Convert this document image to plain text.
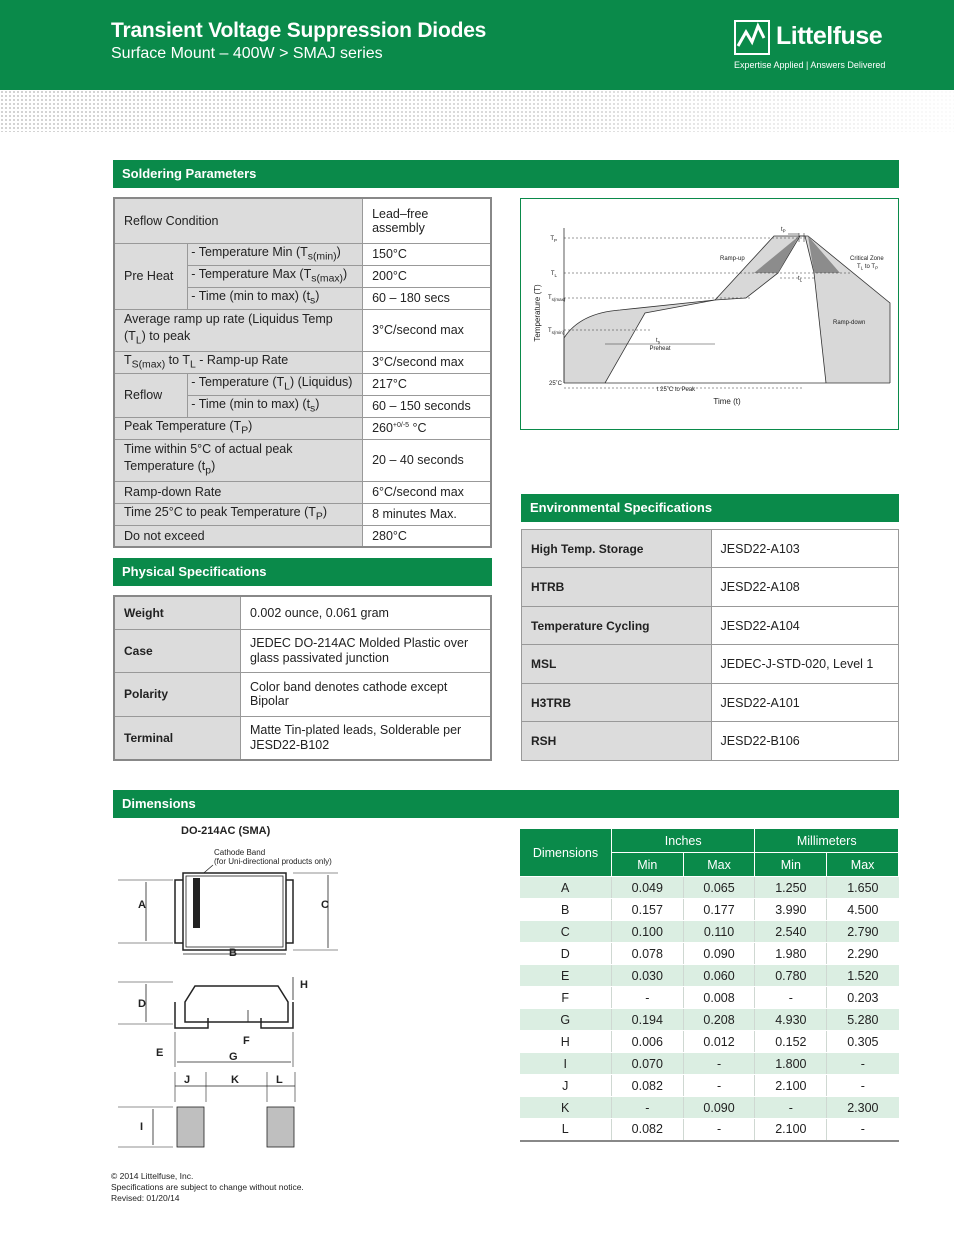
Transient Voltage Suppression Diodes
Surface Mount – 400W > SMAJ series
Littelfuse
Expertise Applied | Answers Delivered
Soldering Parameters
Reflow Condition		Lead–free assembly
Pre Heat	- Temperature Min $(T_{s(min)})$	150°C
	- Temperature Max $(T_{s(max)})$	200°C
	- Time (min to max) $(t_s)$	60 – 180 secs
Average ramp up rate (Liquidus Temp $(T_L)$ to peak		3°C/second max
$T_{S(max)}$ to $T_L$ - Ramp-up Rate		3°C/second max
Reflow	- Temperature $(T_L)$ (Liquidus)	217°C
	- Time (min to max) $(t_s)$	60 – 150 seconds
Peak Temperature $(T_P)$		$260^{+0/-5}$ °C
Time within 5°C of actual peak Temperature $(t_p)$		20 – 40 seconds
Ramp-down Rate		6°C/second max
Time 25°C to peak Temperature $(T_P)$		8 minutes Max.
Do not exceed		280°C
Temperature (T)
Time (t)
$T_P$
$T_L$
$T_{s(max)}$
$T_{s(min)}$
25˚C
Ramp-up
Ramp-down
Critical Zone
$T_L$ to $T_P$
$t_s$
Preheat
t 25˚C to Peak
$t_P$
$t_L$
Physical Specifications
Weight	0.002 ounce, 0.061 gram
Case	JEDEC DO-214AC Molded Plastic over glass passivated junction
Polarity	Color band denotes cathode except Bipolar
Terminal	Matte Tin-plated leads, Solderable per JESD22-B102
Environmental Specifications
High Temp. Storage	JESD22-A103
HTRB	JESD22-A108
Temperature Cycling	JESD22-A104
MSL	JEDEC-J-STD-020, Level 1
H3TRB	JESD22-A101
RSH	JESD22-B106
Dimensions
DO-214AC (SMA)
Cathode Band
(for Uni-directional products only)
A	C
B
D
H
F
E	G
J	K	L
I
Dimensions	Inches		Millimeters	
	Min	Max	Min	Max
A	0.049	0.065	1.250	1.650
B	0.157	0.177	3.990	4.500
C	0.100	0.110	2.540	2.790
D	0.078	0.090	1.980	2.290
E	0.030	0.060	0.780	1.520
F	-	0.008	-	0.203
G	0.194	0.208	4.930	5.280
H	0.006	0.012	0.152	0.305
I	0.070	-	1.800	-
J	0.082	-	2.100	-
K	-	0.090	-	2.300
L	0.082	-	2.100	-
© 2014 Littelfuse, Inc.
Specifications are subject to change without notice.
Revised: 01/20/14
